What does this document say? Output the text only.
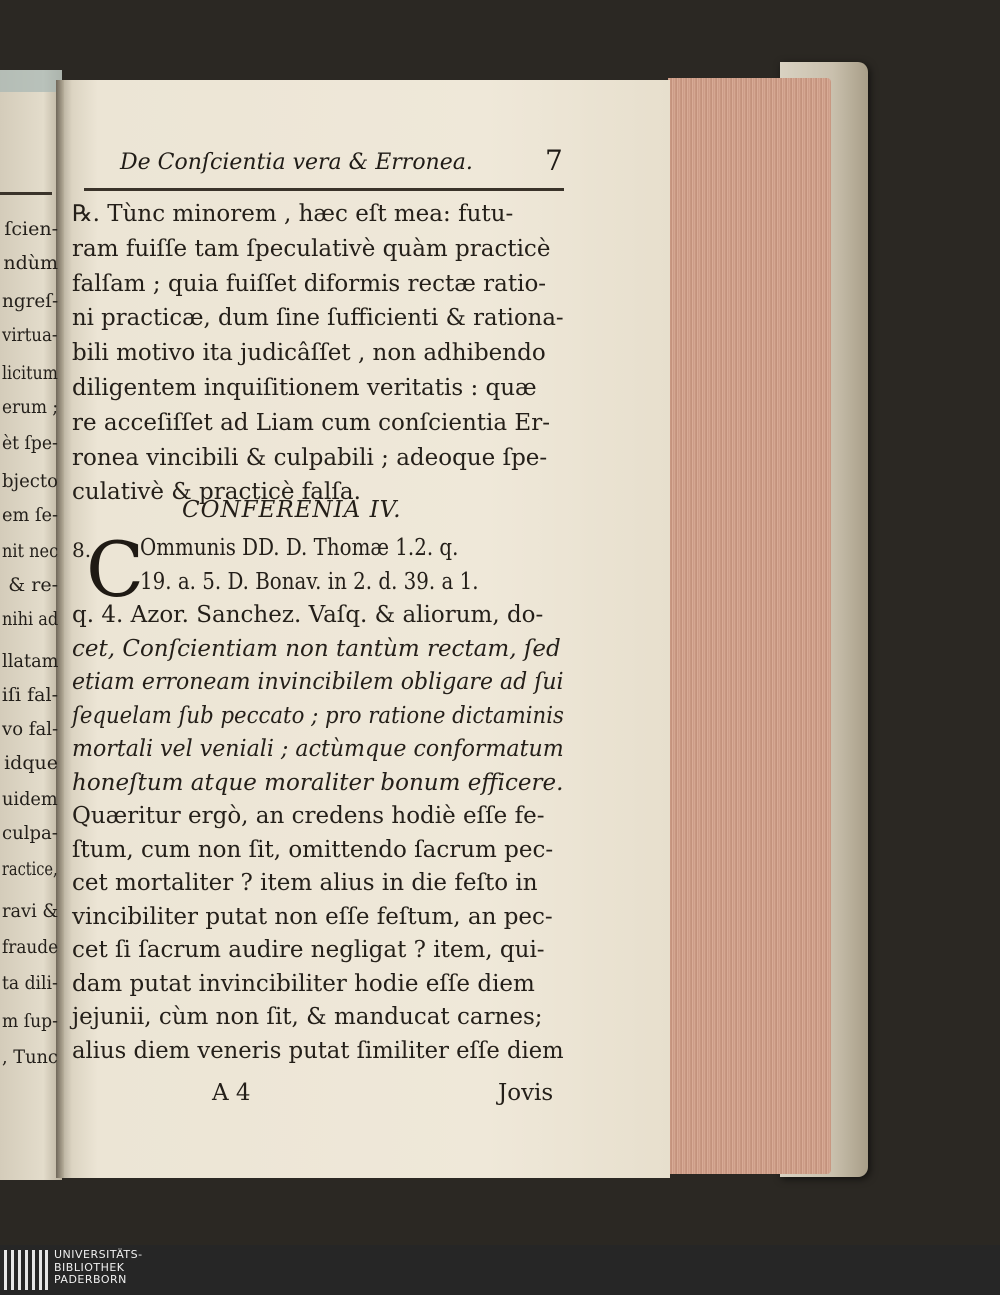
ſcien-
ndùm
ngreſ-
virtua-
licitum
erum ;
èt ſpe-
bjecto
em ſe-
nit nec
& re-
nihi ad
llatam
iſi fal-
vo fal-
idque
uidem
culpa-
ractice,
ravi &
fraude
ta dili-
m ſup-
, Tunc
De Conſcientia vera & Erronea.	7
℞. Tùnc minorem , hæc eſt mea: futu-
ram fuiſſe tam ſpeculativè quàm practicè
falſam ; quia fuiſſet diformis rectæ ratio-
ni practicæ, dum ſine ſufficienti & rationa-
bili motivo ita judicâſſet , non adhibendo
diligentem inquiſitionem veritatis : quæ
re acceſiſſet ad Liam cum conſcientia Er-
ronea vincibili & culpabili ; adeoque ſpe-
culativè & practicè falſa.
CONFERENIA IV.
8.
C
Ommunis DD. D. Thomæ 1.2. q.
19. a. 5. D. Bonav. in 2. d. 39. a 1.
q. 4. Azor. Sanchez. Vaſq. & aliorum, do-
cet, Conſcientiam non tantùm rectam, ſed
etiam erroneam invincibilem obligare ad ſui
ſequelam ſub peccato ; pro ratione dictaminis
mortali vel veniali ; actùmque conformatum
honeſtum atque moraliter bonum efficere.
Quæritur ergò, an credens hodiè eſſe fe-
ſtum, cum non ſit, omittendo ſacrum pec-
cet mortaliter ? item alius in die feſto in
vincibiliter putat non eſſe feſtum, an pec-
cet ſi ſacrum audire negligat ? item, qui-
dam putat invincibiliter hodie eſſe diem
jejunii, cùm non ſit, & manducat carnes;
alius diem veneris putat ſimiliter eſſe diem
A 4	Jovis
UNIVERSITÄTS-
BIBLIOTHEK
PADERBORN
